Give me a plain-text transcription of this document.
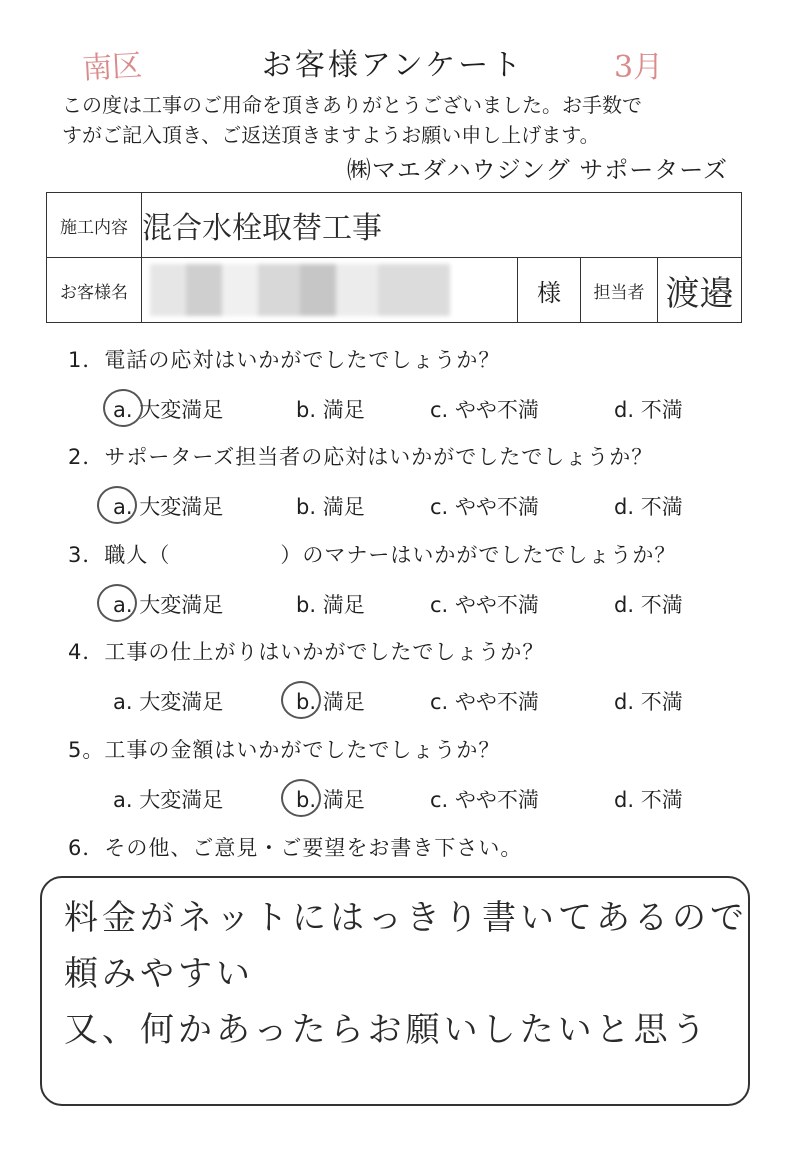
南区	お客様アンケート	3月
この度は工事のご用命を頂きありがとうございました。お手数で
すがご記入頂き、ご返送頂きますようお願い申し上げます。
㈱マエダハウジング サポーターズ
施工内容	混合水栓取替工事			
お客様名		様	担当者	渡邉
1．電話の応対はいかがでしたでしょうか？
a. 大変満足	b. 満足	c. やや不満	d. 不満
2．サポーターズ担当者の応対はいかがでしたでしょうか？
a. 大変満足	b. 満足	c. やや不満	d. 不満
3．職人（　　　　　）のマナーはいかがでしたでしょうか？
a. 大変満足	b. 満足	c. やや不満	d. 不満
4．工事の仕上がりはいかがでしたでしょうか？
a. 大変満足	b. 満足	c. やや不満	d. 不満
5。工事の金額はいかがでしたでしょうか？
a. 大変満足	b. 満足	c. やや不満	d. 不満
6．その他、ご意見・ご要望をお書き下さい。
料金がネットにはっきり書いてあるので
頼みやすい
又、何かあったらお願いしたいと思う
